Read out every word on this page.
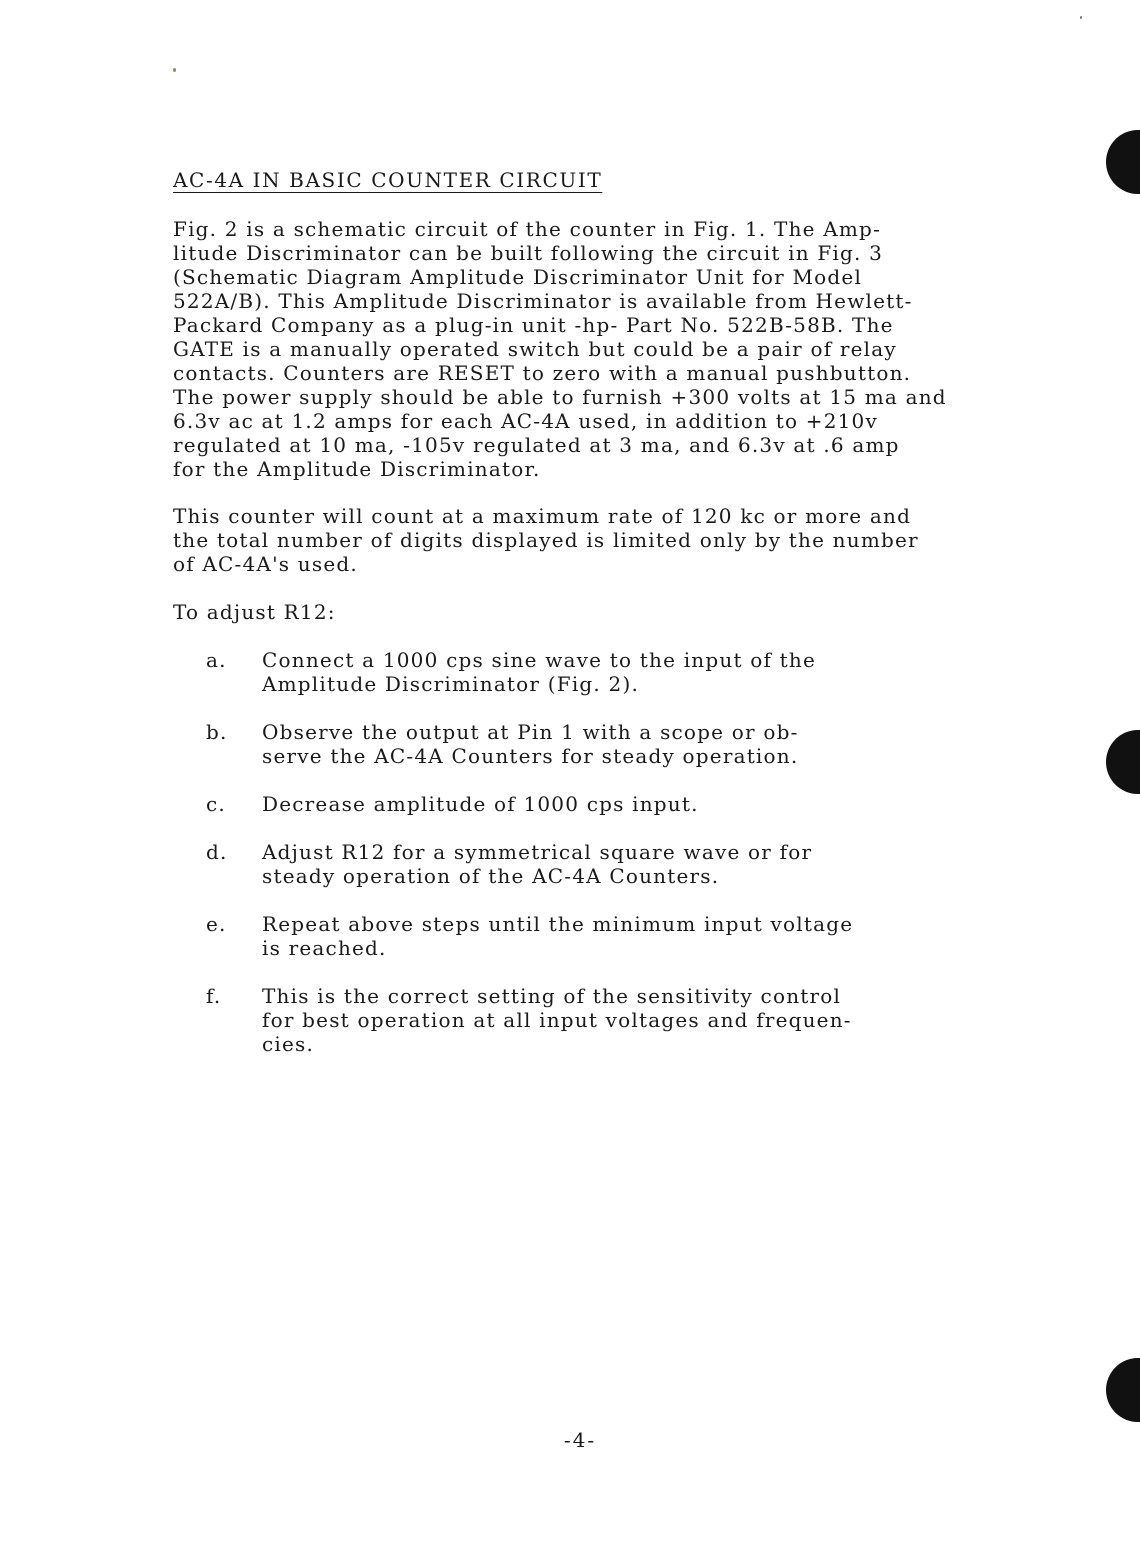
AC-4A IN BASIC COUNTER CIRCUIT
Fig. 2 is a schematic circuit of the counter in Fig. 1. The Amp-
litude Discriminator can be built following the circuit in Fig. 3
(Schematic Diagram Amplitude Discriminator Unit for Model
522A/B). This Amplitude Discriminator is available from Hewlett-
Packard Company as a plug-in unit -hp- Part No. 522B-58B. The
GATE is a manually operated switch but could be a pair of relay
contacts. Counters are RESET to zero with a manual pushbutton.
The power supply should be able to furnish +300 volts at 15 ma and
6.3v ac at 1.2 amps for each AC-4A used, in addition to +210v
regulated at 10 ma, -105v regulated at 3 ma, and 6.3v at .6 amp
for the Amplitude Discriminator.
This counter will count at a maximum rate of 120 kc or more and
the total number of digits displayed is limited only by the number
of AC-4A's used.
To adjust R12:
a.	Connect a 1000 cps sine wave to the input of the
Amplitude Discriminator (Fig. 2).
b.	Observe the output at Pin 1 with a scope or ob-
serve the AC-4A Counters for steady operation.
c.	Decrease amplitude of 1000 cps input.
d.	Adjust R12 for a symmetrical square wave or for
steady operation of the AC-4A Counters.
e.	Repeat above steps until the minimum input voltage
is reached.
f.	This is the correct setting of the sensitivity control
for best operation at all input voltages and frequen-
cies.
-4-
